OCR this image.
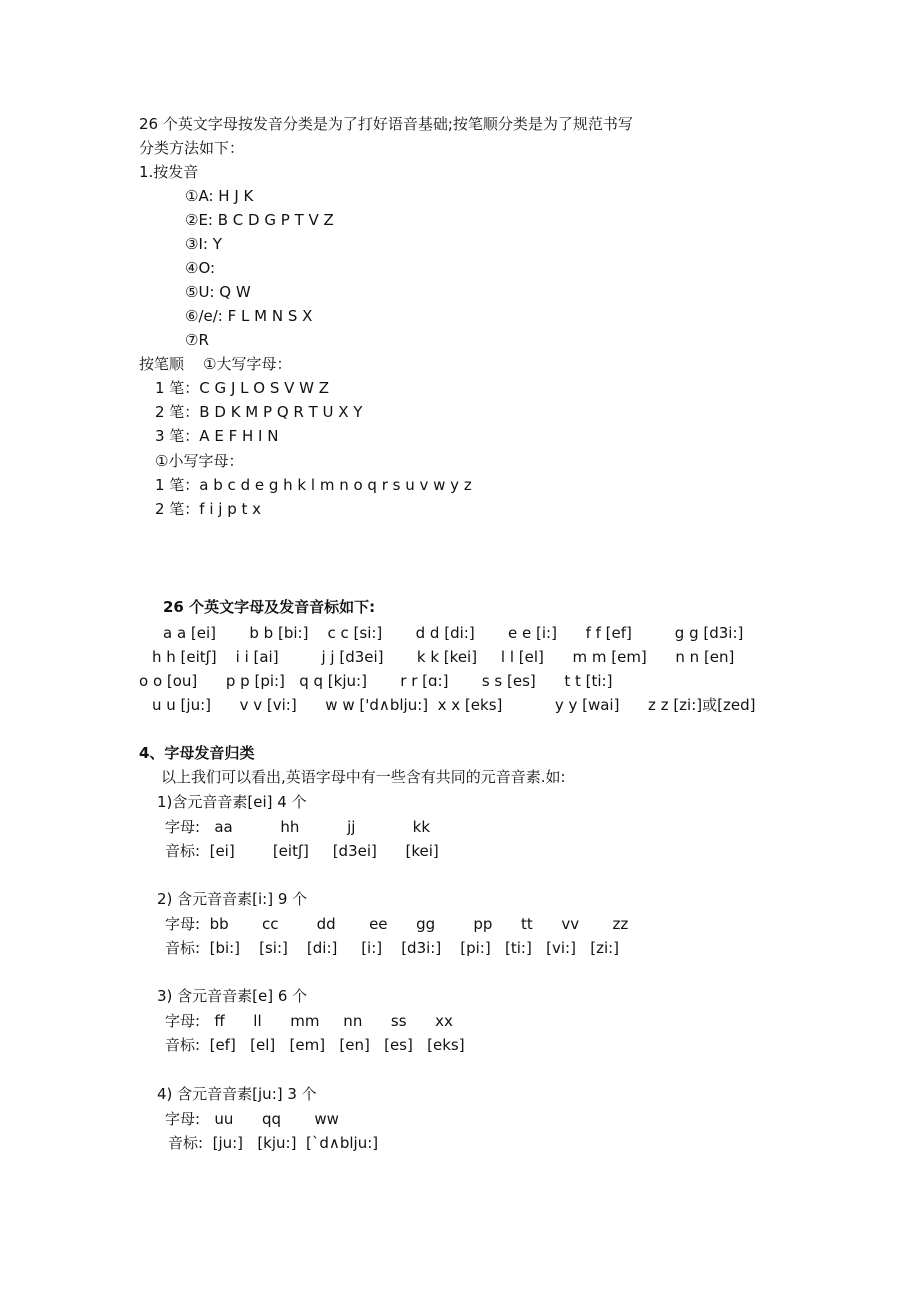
26 个英文字母按发音分类是为了打好语音基础;按笔顺分类是为了规范书写
分类方法如下：
1.按发音
①A: H J K
②E: B C D G P T V Z
③I: Y
④O:
⑤U: Q W
⑥/e/: F L M N S X
⑦R
按笔顺 ①大写字母：
1 笔：C G J L O S V W Z
2 笔：B D K M P Q R T U X Y
3 笔：A E F H I N
①小写字母：
1 笔：a b c d e g h k l m n o q r s u v w y z
2 笔：f i j p t x
26 个英文字母及发音音标如下:
a a [ei]       b b [bi:]    c c [si:]       d d [di:]       e e [i:]      f f [ef]         g g [d3i:]
h h [eitʃ]    i i [ai]         j j [d3ei]       k k [kei]     l l [el]      m m [em]      n n [en]
o o [ou]      p p [pi:]   q q [kju:]       r r [ɑ:]       s s [es]      t t [ti:]
u u [ju:]      v v [vi:]      w w ['d∧blju:]  x x [eks]           y y [wai]      z z [zi:]或[zed]
4、字母发音归类
以上我们可以看出,英语字母中有一些含有共同的元音音素.如:
1)含元音音素[ei] 4 个
字母:   aa          hh          jj            kk
音标:  [ei]        [eitʃ]     [d3ei]      [kei]
2) 含元音音素[i:] 9 个
字母:  bb       cc        dd       ee      gg        pp      tt      vv       zz
音标:  [bi:]    [si:]    [di:]     [i:]    [d3i:]    [pi:]   [ti:]   [vi:]   [zi:]
3) 含元音音素[e] 6 个
字母:   ff      ll      mm     nn      ss      xx
音标:  [ef]   [el]   [em]   [en]   [es]   [eks]
4) 含元音音素[ju:] 3 个
字母:   uu      qq       ww
音标:  [ju:]   [kju:]  [`d∧blju:]
